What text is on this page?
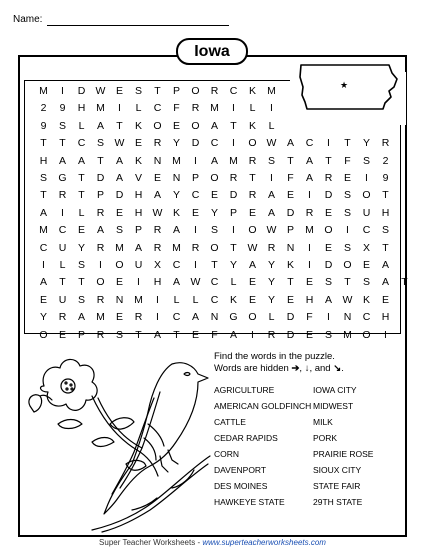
Name:
★
Iowa
M	I	D W	E	S	T	P	O	R	C	K	M
2	9	H	M	I	L	C	F	R	M	I	L	I
9	S	L	A	T	K	O	E	O	A	T	K	L
T	T	C	S	W	E	R	Y	D	C	I	O W	A	C	I	T	Y	R
H	A	A	T	A	K	N	M	I	A	M	R	S	T	A	T	F	S	2
S	G	T	D	A	V	E	N	P	O	R	T	I	F	A	R	E	I	9
T	R	T	P	D	H	A	Y	C	E	D	R	A	E	I	D	S	O	T
A	I	L	R	E	H W	K	E	Y	P	E	A	D	R	E	S	U	H
M	C	E	A	S	P	R	A	I	S	I	O W	P	M	O	I	C	S
C	U	Y	R	M	A	R	M	R	O	T	W R	N	I	E	S	X	T
I	L	S	I	O	U	X	C	I	T	Y	A	Y	K	I	D	O	E	A
A	T	T	O	E	I	H	A	W C	L	E	Y	T	E	S	T	S	A	T
E	U	S	R	N	M	I	L	L	C	K	E	Y	E	H	A	W	K	E
Y	R	A	M	E	R	I	C	A	N	G	O	L	D	F	I	N	C	H
O	E	P	R	S	T	A	T	E	F	A	I	R	D	E	S	M	O	I
Find the words in the puzzle.
Words are hidden ➔, ↓, and ↘.
AGRICULTURE
AMERICAN GOLDFINCH
CATTLE
CEDAR RAPIDS
CORN
DAVENPORT
DES MOINES
HAWKEYE STATE
IOWA CITY
MIDWEST
MILK
PORK
PRAIRIE ROSE
SIOUX CITY
STATE FAIR
29TH STATE
Super Teacher Worksheets - www.superteacherworksheets.com
